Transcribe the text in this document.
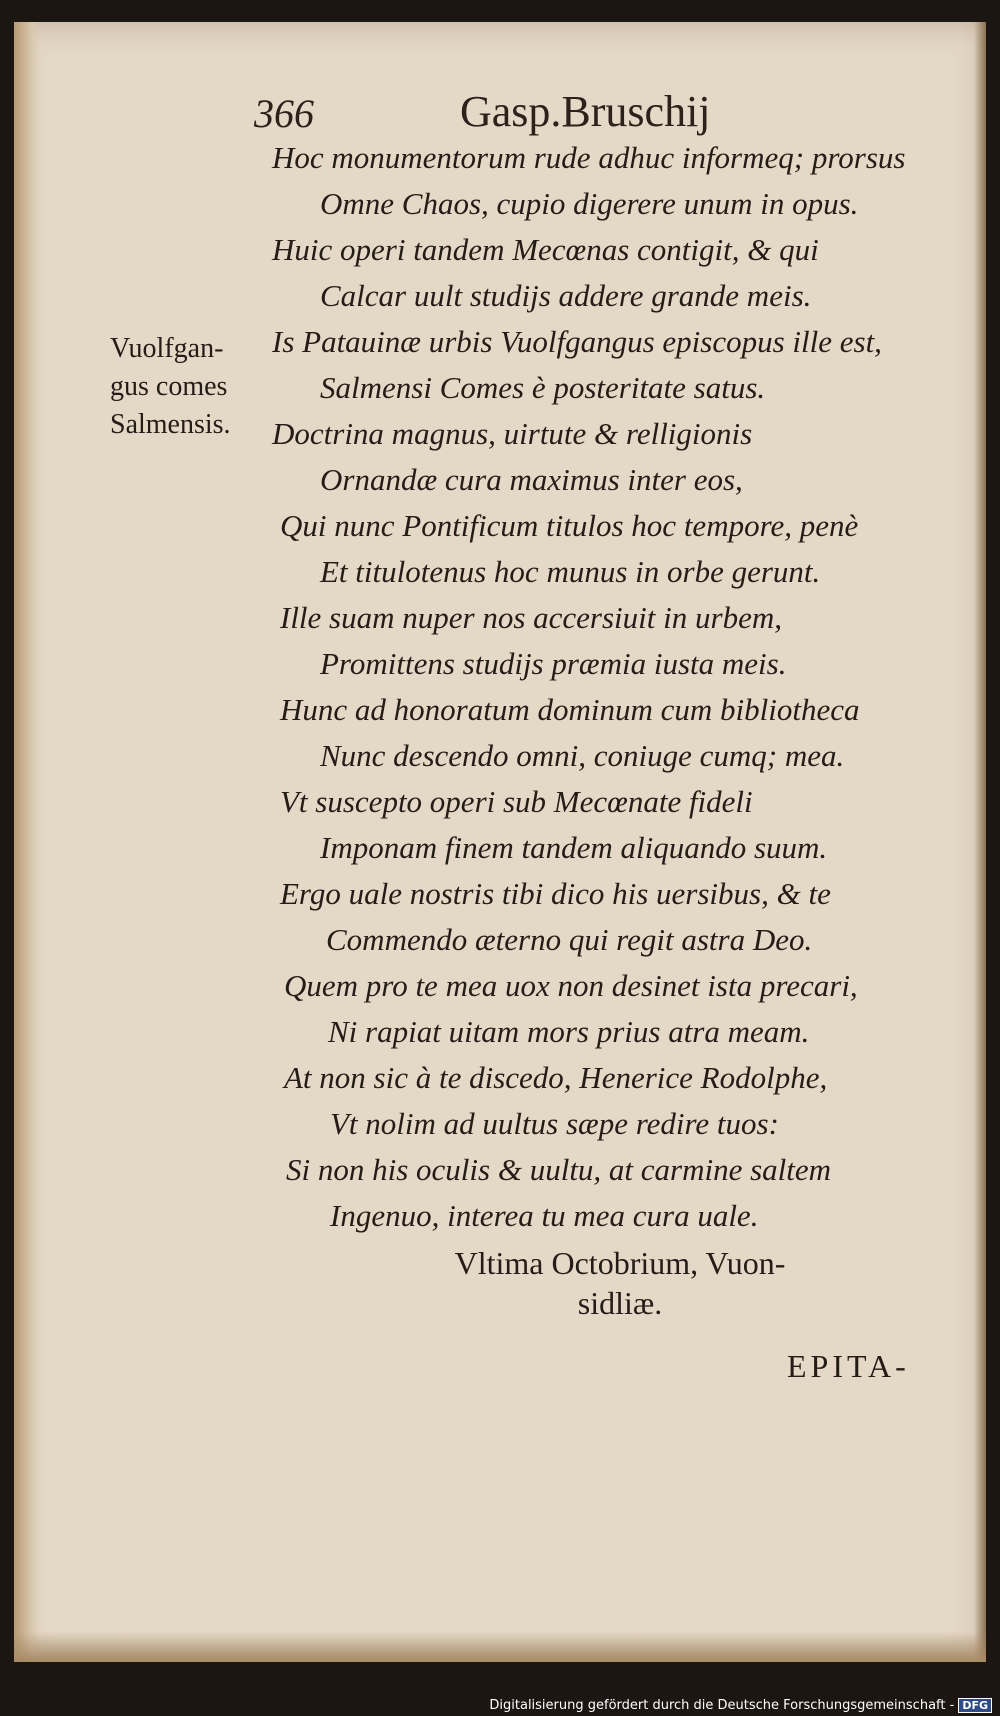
366	Gasp.Bruschij
Vuolfgan-
gus comes
Salmensis.
Hoc monumentorum rude adhuc informeq; prorsus
Omne Chaos, cupio digerere unum in opus.
Huic operi tandem Mecœnas contigit, & qui
Calcar uult studijs addere grande meis.
Is Patauinæ urbis Vuolfgangus episcopus ille est,
Salmensi Comes è posteritate satus.
Doctrina magnus, uirtute & relligionis
Ornandæ cura maximus inter eos,
Qui nunc Pontificum titulos hoc tempore, penè
Et titulotenus hoc munus in orbe gerunt.
Ille suam nuper nos accersiuit in urbem,
Promittens studijs præmia iusta meis.
Hunc ad honoratum dominum cum bibliotheca
Nunc descendo omni, coniuge cumq; mea.
Vt suscepto operi sub Mecœnate fideli
Imponam finem tandem aliquando suum.
Ergo uale nostris tibi dico his uersibus, & te
Commendo æterno qui regit astra Deo.
Quem pro te mea uox non desinet ista precari,
Ni rapiat uitam mors prius atra meam.
At non sic à te discedo, Henerice Rodolphe,
Vt nolim ad uultus sæpe redire tuos:
Si non his oculis & uultu, at carmine saltem
Ingenuo, interea tu mea cura uale.
Vltima Octobrium, Vuon-
sidliæ.
EPITA-
Digitalisierung gefördert durch die Deutsche Forschungsgemeinschaft - DFG
